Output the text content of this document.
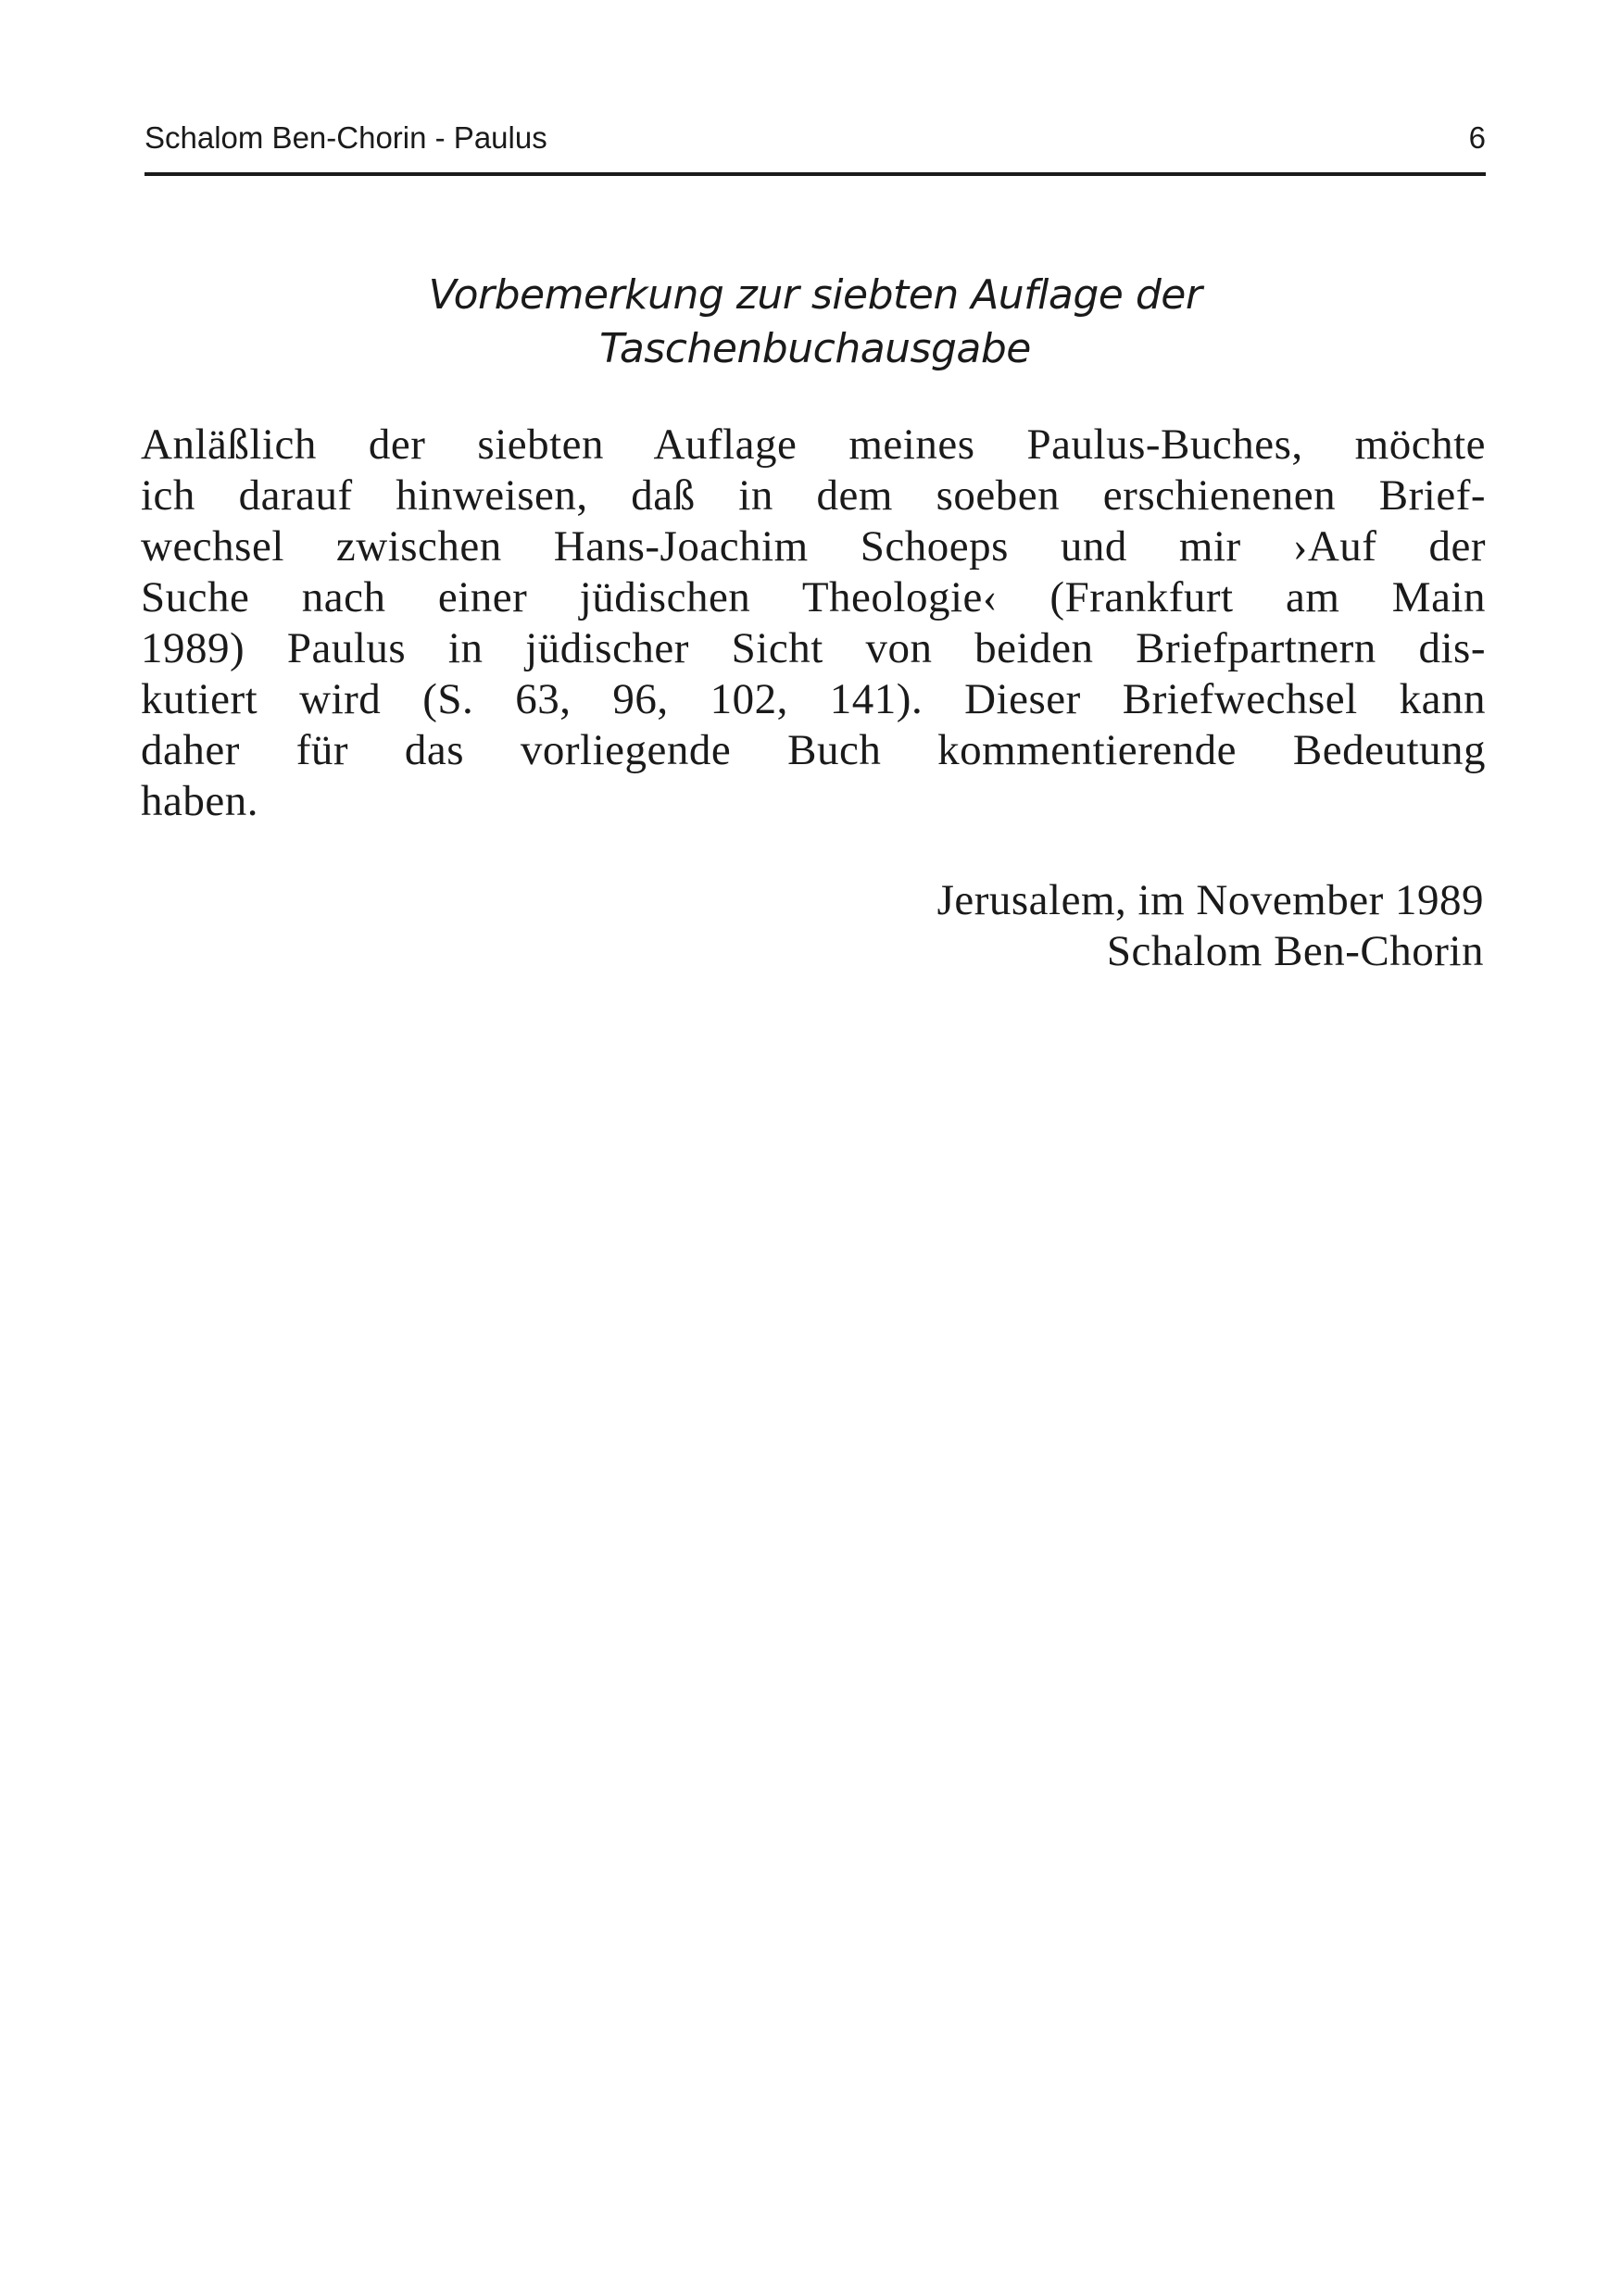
Schalom Ben-Chorin - Paulus	6
Vorbemerkung zur siebten Auflage der
Taschenbuchausgabe
Anläßlich der siebten Auflage meines Paulus-Buches, möchte
ich darauf hinweisen, daß in dem soeben erschienenen Brief-
wechsel zwischen Hans-Joachim Schoeps und mir ›Auf der
Suche nach einer jüdischen Theologie‹ (Frankfurt am Main
1989) Paulus in jüdischer Sicht von beiden Briefpartnern dis-
kutiert wird (S. 63, 96, 102, 141). Dieser Briefwechsel kann
daher für das vorliegende Buch kommentierende Bedeutung
haben.
Jerusalem, im November 1989
Schalom Ben-Chorin
